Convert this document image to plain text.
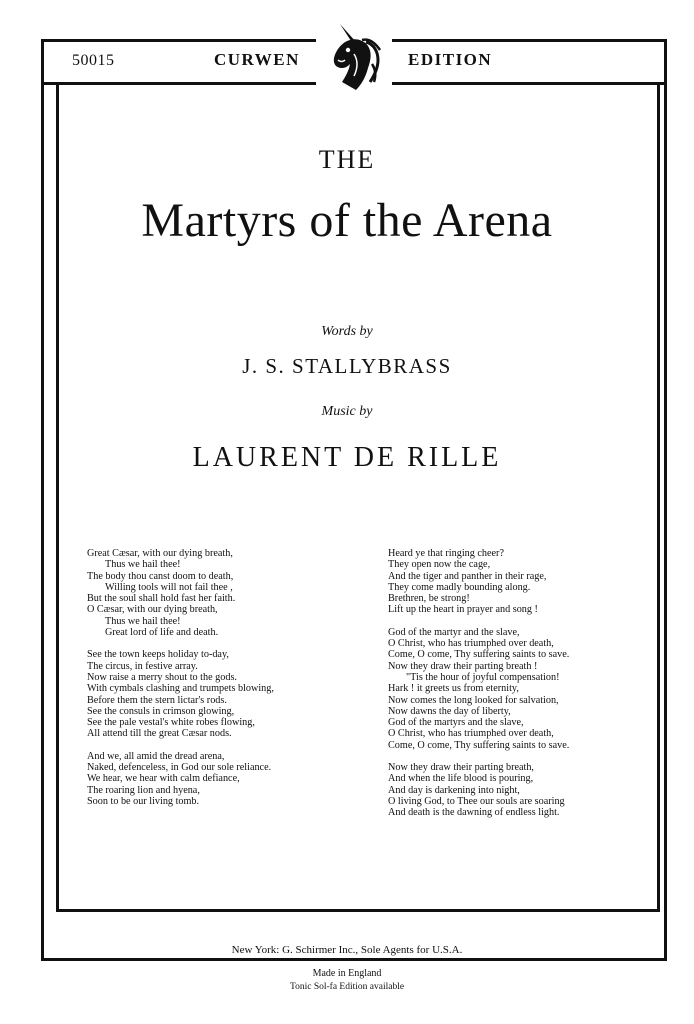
50015	CURWEN	EDITION
THE
Martyrs of the Arena
Words by
J. S. STALLYBRASS
Music by
LAURENT DE RILLE
Great Cæsar, with our dying breath,
Thus we hail thee!
The body thou canst doom to death,
Willing tools will not fail thee ,
But the soul shall hold fast her faith.
O Cæsar, with our dying breath,
Thus we hail thee!
Great lord of life and death.
See the town keeps holiday to-day,
The circus, in festive array.
Now raise a merry shout to the gods.
With cymbals clashing and trumpets blowing,
Before them the stern lictar's rods.
See the consuls in crimson glowing,
See the pale vestal's white robes flowing,
All attend till the great Cæsar nods.
And we, all amid the dread arena,
Naked, defenceless, in God our sole reliance.
We hear, we hear with calm defiance,
The roaring lion and hyena,
Soon to be our living tomb.
Heard ye that ringing cheer?
They open now the cage,
And the tiger and panther in their rage,
They come madly bounding along.
Brethren, be strong!
Lift up the heart in prayer and song !
God of the martyr and the slave,
O Christ, who has triumphed over death,
Come, O come, Thy suffering saints to save.
Now they draw their parting breath !
"Tis the hour of joyful compensation!
Hark ! it greets us from eternity,
Now comes the long looked for salvation,
Now dawns the day of liberty,
God of the martyrs and the slave,
O Christ, who has triumphed over death,
Come, O come, Thy suffering saints to save.
Now they draw their parting breath,
And when the life blood is pouring,
And day is darkening into night,
O living God, to Thee our souls are soaring
And death is the dawning of endless light.
New York: G. Schirmer Inc., Sole Agents for U.S.A.
Made in England
Tonic Sol-fa Edition available
